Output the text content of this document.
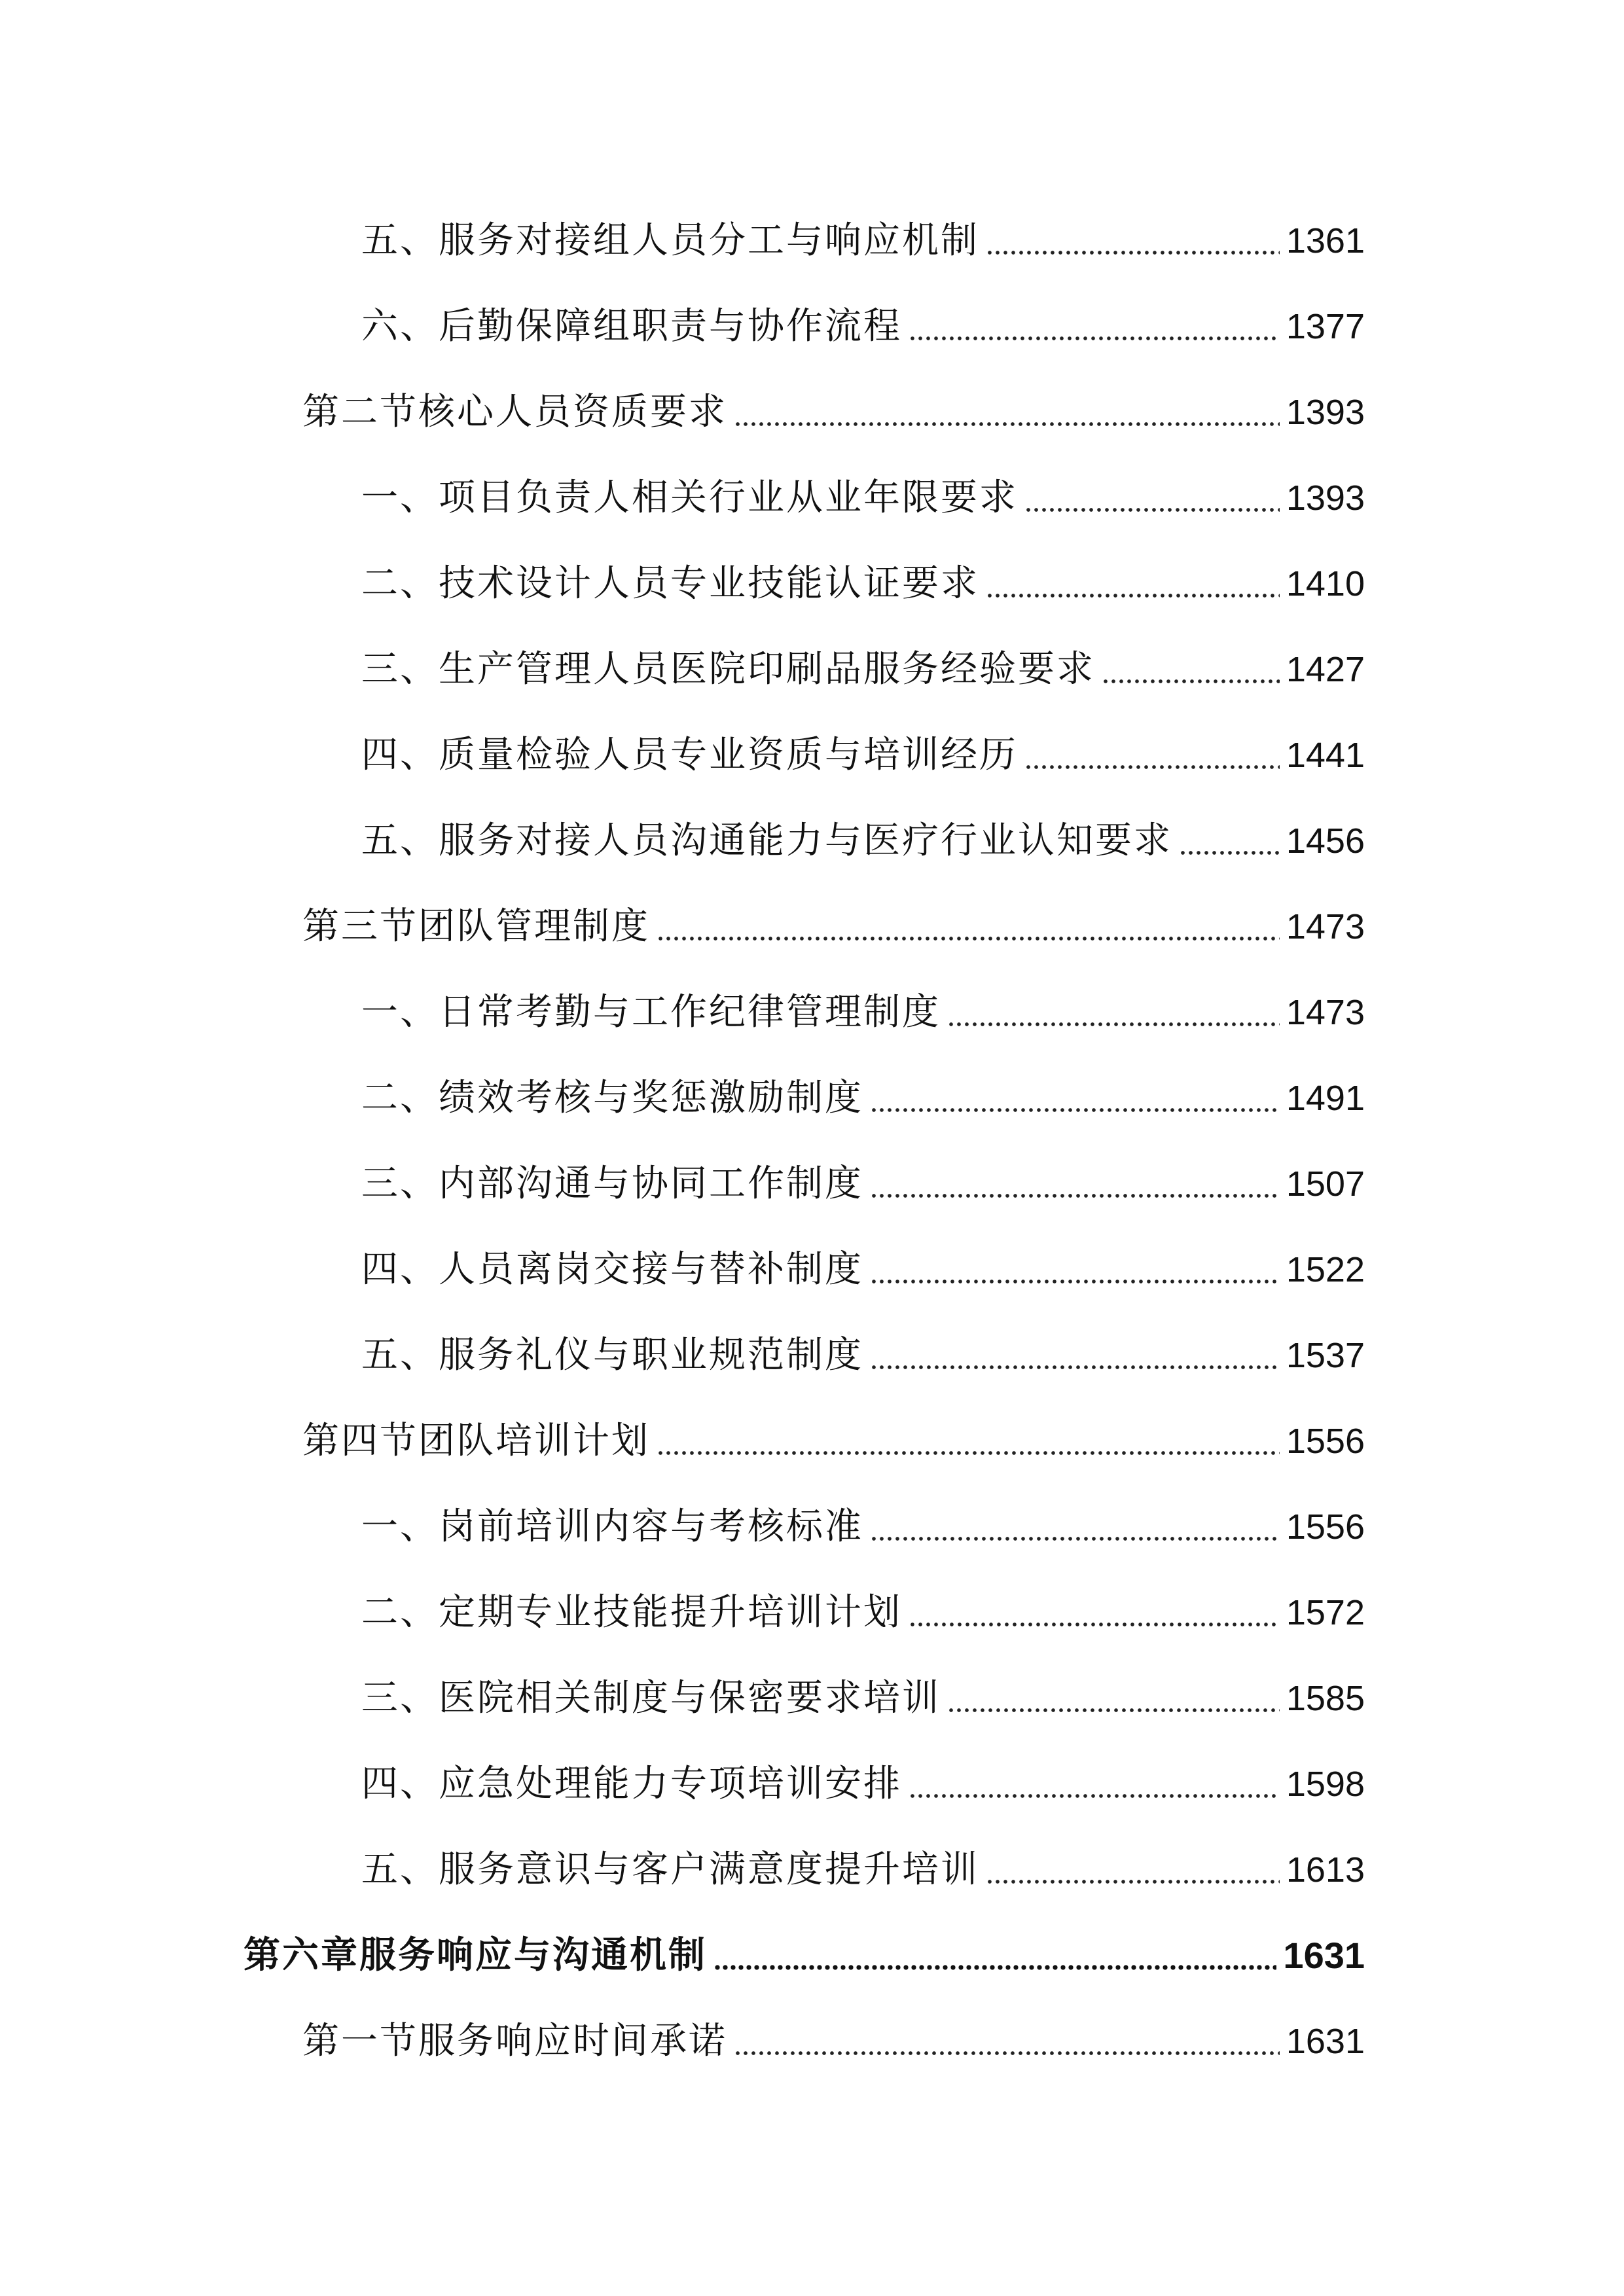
五、服务对接组人员分工与响应机制	1361
六、后勤保障组职责与协作流程	1377
第二节核心人员资质要求	1393
一、项目负责人相关行业从业年限要求	1393
二、技术设计人员专业技能认证要求	1410
三、生产管理人员医院印刷品服务经验要求	1427
四、质量检验人员专业资质与培训经历	1441
五、服务对接人员沟通能力与医疗行业认知要求	1456
第三节团队管理制度	1473
一、日常考勤与工作纪律管理制度	1473
二、绩效考核与奖惩激励制度	1491
三、内部沟通与协同工作制度	1507
四、人员离岗交接与替补制度	1522
五、服务礼仪与职业规范制度	1537
第四节团队培训计划	1556
一、岗前培训内容与考核标准	1556
二、定期专业技能提升培训计划	1572
三、医院相关制度与保密要求培训	1585
四、应急处理能力专项培训安排	1598
五、服务意识与客户满意度提升培训	1613
第六章服务响应与沟通机制	1631
第一节服务响应时间承诺	1631
